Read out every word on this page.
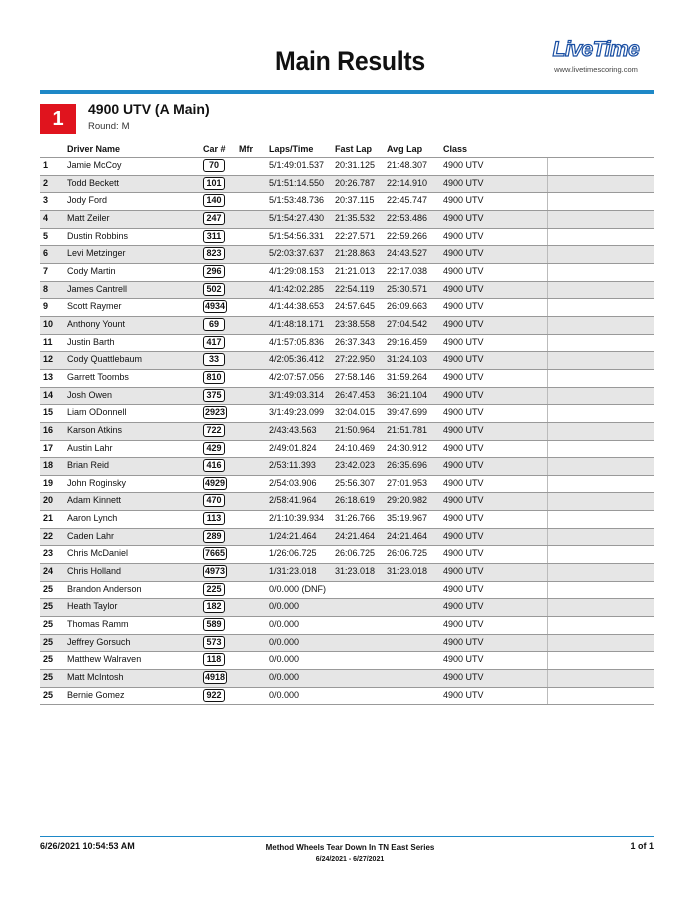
Main Results	LiveTime
www.livetimescoring.com
1	4900 UTV (A Main)
Round: M
Driver Name	Car # Mfr Laps/Time Fast Lap Avg Lap Class
1 Jamie McCoy	70	5/1:49:01.537 20:31.125 21:48.307 4900 UTV
2 Todd Beckett	101	5/1:51:14.550 20:26.787 22:14.910 4900 UTV
3 Jody Ford	140	5/1:53:48.736 20:37.115 22:45.747 4900 UTV
4 Matt Zeiler	247	5/1:54:27.430 21:35.532 22:53.486 4900 UTV
5 Dustin Robbins	311	5/1:54:56.331 22:27.571 22:59.266 4900 UTV
6 Levi Metzinger	823	5/2:03:37.637 21:28.863 24:43.527 4900 UTV
7 Cody Martin	296	4/1:29:08.153 21:21.013 22:17.038 4900 UTV
8 James Cantrell	502	4/1:42:02.285 22:54.119 25:30.571 4900 UTV
9 Scott Raymer	4934	4/1:44:38.653 24:57.645 26:09.663 4900 UTV
10 Anthony Yount	69	4/1:48:18.171 23:38.558 27:04.542 4900 UTV
11 Justin Barth	417	4/1:57:05.836 26:37.343 29:16.459 4900 UTV
12 Cody Quattlebaum	33	4/2:05:36.412 27:22.950 31:24.103 4900 UTV
13 Garrett Toombs	810	4/2:07:57.056 27:58.146 31:59.264 4900 UTV
14 Josh Owen	375	3/1:49:03.314 26:47.453 36:21.104 4900 UTV
15 Liam ODonnell	2923	3/1:49:23.099 32:04.015 39:47.699 4900 UTV
16 Karson Atkins	722	2/43:43.563 21:50.964 21:51.781 4900 UTV
17 Austin Lahr	429	2/49:01.824 24:10.469 24:30.912 4900 UTV
18 Brian Reid	416	2/53:11.393 23:42.023 26:35.696 4900 UTV
19 John Roginsky	4929	2/54:03.906 25:56.307 27:01.953 4900 UTV
20 Adam Kinnett	470	2/58:41.964 26:18.619 29:20.982 4900 UTV
21 Aaron Lynch	113	2/1:10:39.934 31:26.766 35:19.967 4900 UTV
22 Caden Lahr	289	1/24:21.464 24:21.464 24:21.464 4900 UTV
23 Chris McDaniel	7665	1/26:06.725 26:06.725 26:06.725 4900 UTV
24 Chris Holland	4973	1/31:23.018 31:23.018 31:23.018 4900 UTV
25 Brandon Anderson	225	0/0.000 (DNF)	4900 UTV
25 Heath Taylor	182	0/0.000	4900 UTV
25 Thomas Ramm	589	0/0.000	4900 UTV
25 Jeffrey Gorsuch	573	0/0.000	4900 UTV
25 Matthew Walraven	118	0/0.000	4900 UTV
25 Matt McIntosh	4918	0/0.000	4900 UTV
25 Bernie Gomez	922	0/0.000	4900 UTV
6/26/2021 10:54:53 AM	Method Wheels Tear Down In TN East Series
6/24/2021 - 6/27/2021
1 of 1
